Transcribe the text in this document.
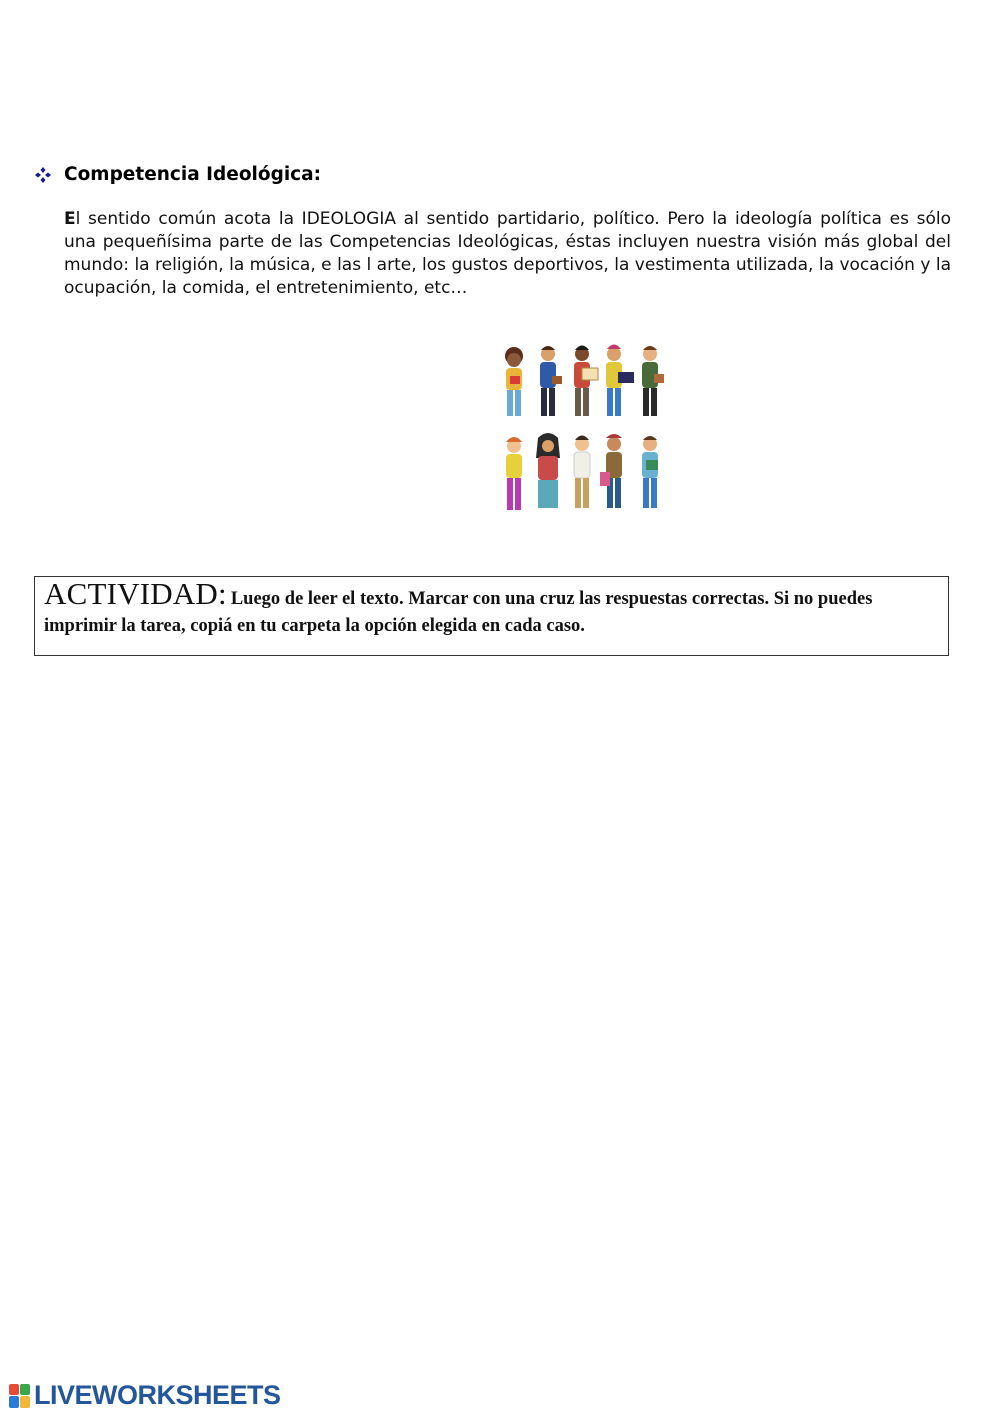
Competencia Ideológica:

El sentido común acota la IDEOLOGIA al sentido partidario, político. Pero la ideología política es sólo una pequeñísima parte de las Competencias Ideológicas, éstas incluyen nuestra visión más global del mundo: la religión, la música, e las l arte, los gustos deportivos, la vestimenta utilizada, la vocación y la ocupación, la comida, el entretenimiento, etc…

ACTIVIDAD: Luego de leer el texto. Marcar con una cruz las respuestas correctas. Si no puedes imprimir la tarea, copiá en tu carpeta la opción elegida en cada caso.
LIVEWORKSHEETS
